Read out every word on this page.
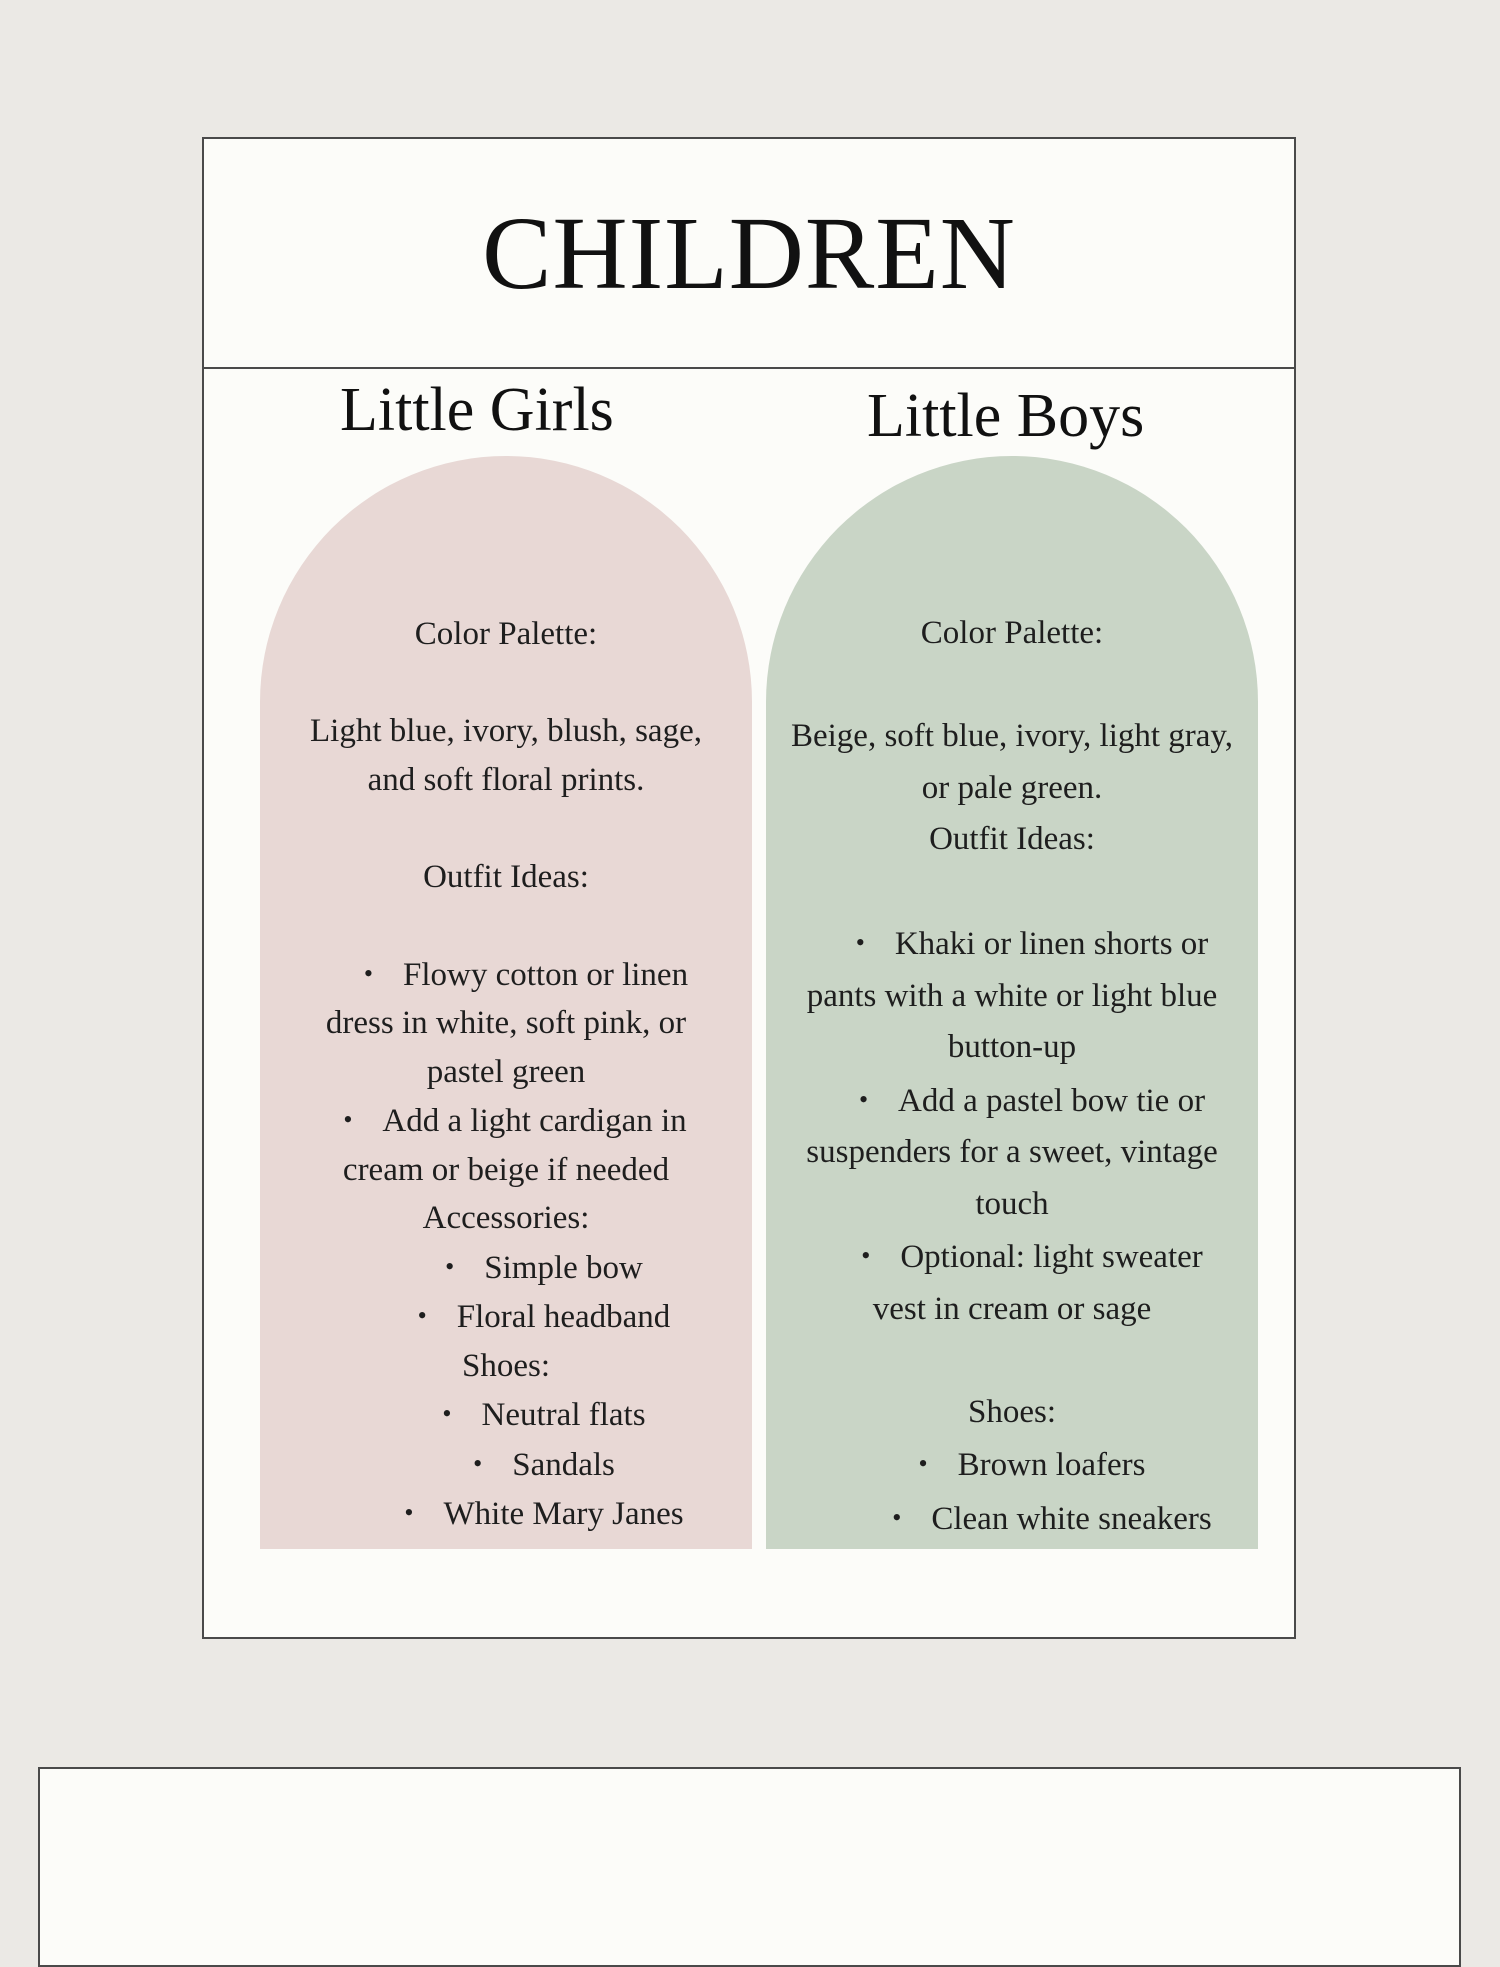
CHILDREN
Little Girls	Little Boys
Color Palette:
Light blue, ivory, blush, sage,
and soft floral prints.
Outfit Ideas:
• Flowy cotton or linen
dress in white, soft pink, or
pastel green
• Add a light cardigan in
cream or beige if needed
Accessories:
• Simple bow
• Floral headband
Shoes:
• Neutral flats
• Sandals
• White Mary Janes
Color Palette:
Beige, soft blue, ivory, light gray,
or pale green.
Outfit Ideas:
• Khaki or linen shorts or
pants with a white or light blue
button-up
• Add a pastel bow tie or
suspenders for a sweet, vintage
touch
• Optional: light sweater
vest in cream or sage
Shoes:
• Brown loafers
• Clean white sneakers
